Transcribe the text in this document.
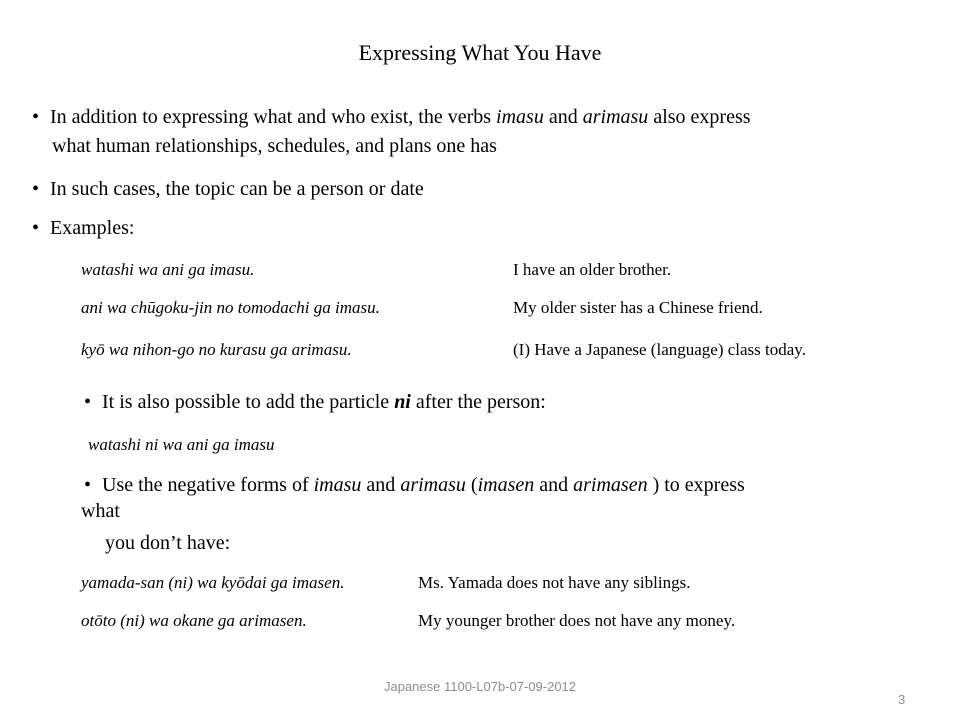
Expressing What You Have
• In addition to expressing what and who exist, the verbs imasu and arimasu also express
what human relationships, schedules, and plans one has
• In such cases, the topic can be a person or date
• Examples:
watashi wa ani ga imasu.	I have an older brother.
ani wa chūgoku-jin no tomodachi ga imasu.	My older sister has a Chinese friend.
kyō wa nihon-go no kurasu ga arimasu.	(I) Have a Japanese (language) class today.
• It is also possible to add the particle ni after the person:
watashi ni wa ani ga imasu
• Use the negative forms of imasu and arimasu (imasen and arimasen ) to express
what
you don’t have:
yamada-san (ni) wa kyōdai ga imasen.	Ms. Yamada does not have any siblings.
otōto (ni) wa okane ga arimasen.	My younger brother does not have any money.
Japanese 1100-L07b-07-09-2012
3
